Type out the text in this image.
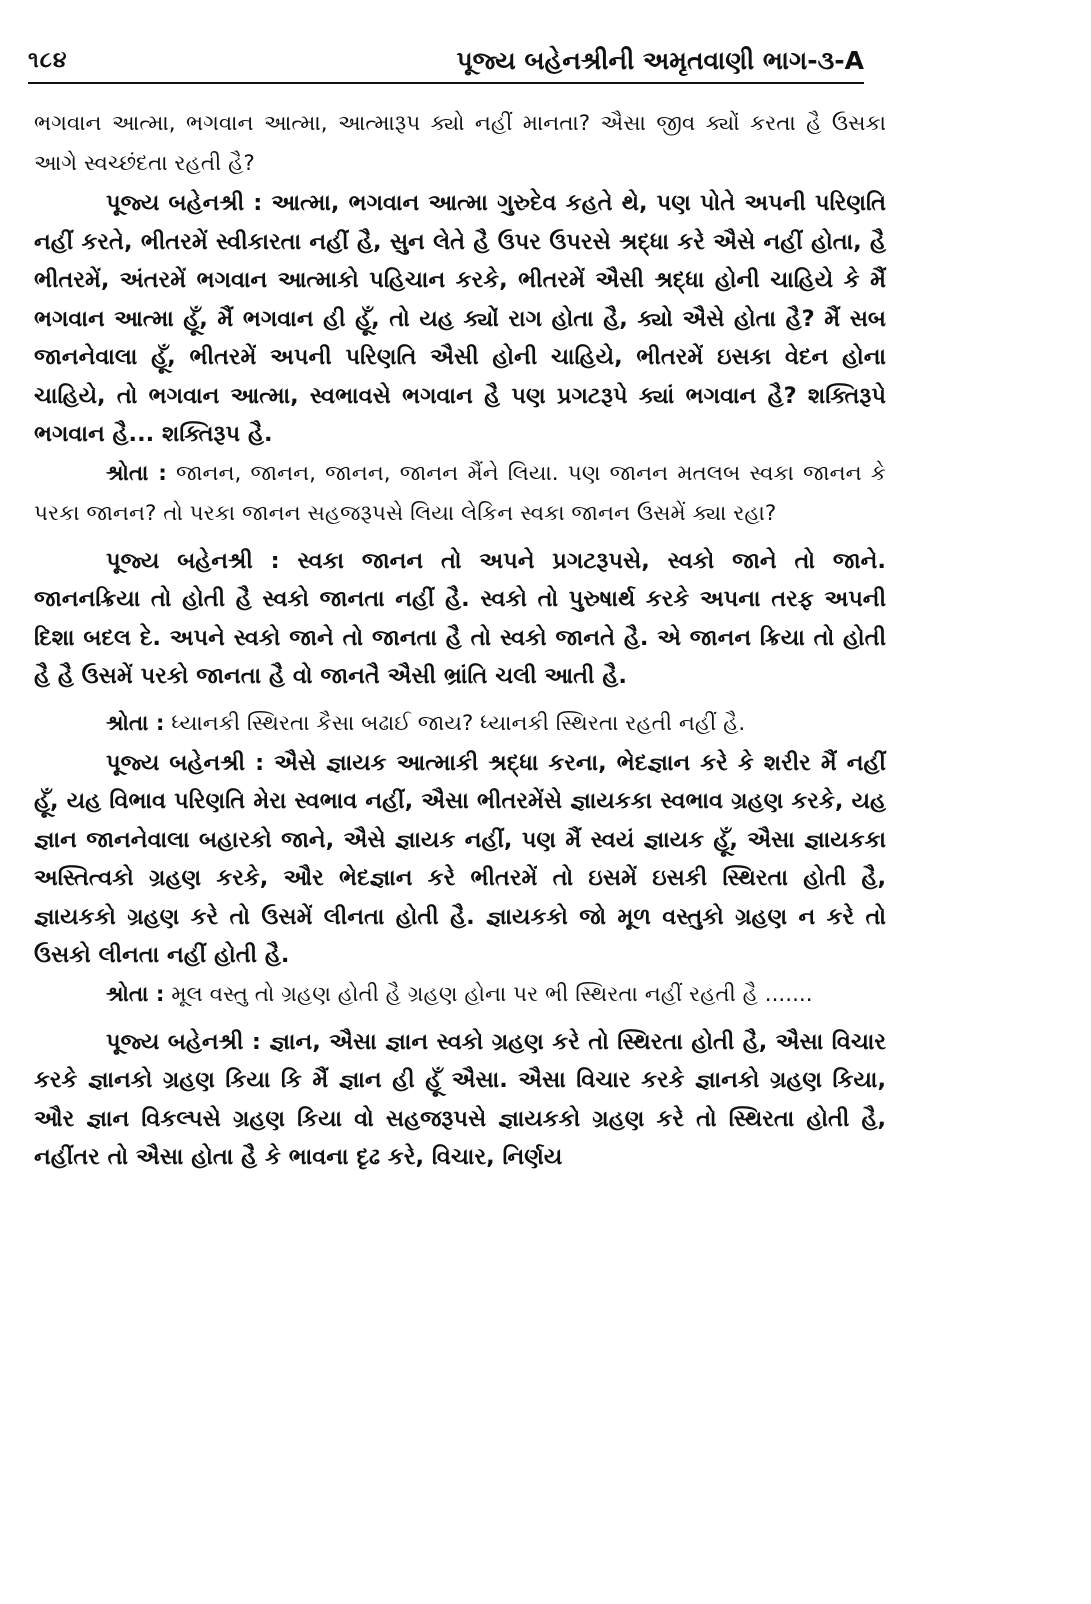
૧૮૪	પૂજ્ય બહેનશ્રીની અમૃતવાણી ભાગ-૩-A

ભગવાન આત્મા, ભગવાન આત્મા, આત્મારૂપ ક્યો નહીં માનતા? ઐસા જીવ ક્યોં કરતા હૈ ઉસકા આગે સ્વચ્છંદતા રહતી હૈ?

પૂજ્ય બહેનશ્રી : આત્મા, ભગવાન આત્મા ગુરુદેવ કહતે થે, પણ પોતે અપની પરિણતિ નહીં કરતે, ભીતરમેં સ્વીકારતા નહીં હૈ, સુન લેતે હૈ ઉપર ઉપરસે શ્રદ્ધા કરે ઐસે નહીં હોતા, હૈ ભીતરમેં, અંતરમેં ભગવાન આત્માકો પહિચાન કરકે, ભીતરમેં ઐસી શ્રદ્ધા હોની ચાહિયે કે મૈં ભગવાન આત્મા હૂઁ, મૈં ભગવાન હી હૂઁ, તો યહ ક્યોં રાગ હોતા હૈ, ક્યો ઐસે હોતા હૈ? મૈં સબ જાનનેવાલા હૂઁ, ભીતરમેં અપની પરિણતિ ઐસી હોની ચાહિયે, ભીતરમેં ઇસકા વેદન હોના ચાહિયે, તો ભગવાન આત્મા, સ્વભાવસે ભગવાન હૈ પણ પ્રગટરૂપે ક્યાં ભગવાન હૈ? શક્તિરૂપે ભગવાન હૈ... શક્તિરૂપ હૈ.

શ્રોતા : જાનન, જાનન, જાનન, જાનન મૈંને લિયા. પણ જાનન મતલબ સ્વકા જાનન કે પરકા જાનન? તો પરકા જાનન સહજરૂપસે લિયા લેકિન સ્વકા જાનન ઉસમેં ક્યા રહા?

પૂજ્ય બહેનશ્રી : સ્વકા જાનન તો અપને પ્રગટરૂપસે, સ્વકો જાને તો જાને. જાનનક્રિયા તો હોતી હૈ સ્વકો જાનતા નહીં હૈ. સ્વકો તો પુરુષાર્થ કરકે અપના તરફ અપની દિશા બદલ દે. અપને સ્વકો જાને તો જાનતા હૈ તો સ્વકો જાનતે હૈ. એ જાનન ક્રિયા તો હોતી હૈ હૈ ઉસમેં પરકો જાનતા હૈ વો જાનતૈ ઐસી ભ્રાંતિ ચલી આતી હૈ.

શ્રોતા : ધ્યાનકી સ્થિરતા કૈસા બઢાઈ જાય? ધ્યાનકી સ્થિરતા રહતી નહીં હૈ.

પૂજ્ય બહેનશ્રી : ઐસે જ્ઞાયક આત્માકી શ્રદ્ધા કરના, ભેદજ્ઞાન કરે કે શરીર મૈં નહીં હૂઁ, યહ વિભાવ પરિણતિ મેરા સ્વભાવ નહીં, ઐસા ભીતરમેંસે જ્ઞાયકકા સ્વભાવ ગ્રહણ કરકે, યહ જ્ઞાન જાનનેવાલા બહારકો જાને, ઐસે જ્ઞાયક નહીં, પણ મૈં સ્વયં જ્ઞાયક હૂઁ, ઐસા જ્ઞાયકકા અસ્તિત્વકો ગ્રહણ કરકે, ઔર ભેદજ્ઞાન કરે ભીતરમેં તો ઇસમેં ઇસકી સ્થિરતા હોતી હૈ, જ્ઞાયકકો ગ્રહણ કરે તો ઉસમેં લીનતા હોતી હૈ. જ્ઞાયકકો જો મૂળ વસ્તુકો ગ્રહણ ન કરે તો ઉસકો લીનતા નહીં હોતી હૈ.

શ્રોતા : મૂલ વસ્તુ તો ગ્રહણ હોતી હૈ ગ્રહણ હોના પર ભી સ્થિરતા નહીં રહતી હૈ .......

પૂજ્ય બહેનશ્રી : જ્ઞાન, ઐસા જ્ઞાન સ્વકો ગ્રહણ કરે તો સ્થિરતા હોતી હૈ, ઐસા વિચાર કરકે જ્ઞાનકો ગ્રહણ કિયા કિ મૈં જ્ઞાન હી હૂઁ ઐસા. ઐસા વિચાર કરકે જ્ઞાનકો ગ્રહણ કિયા, ઔર જ્ઞાન વિકલ્પસે ગ્રહણ કિયા વો સહજરૂપસે જ્ઞાયકકો ગ્રહણ કરે તો સ્થિરતા હોતી હૈ, નહીંતર તો ઐસા હોતા હૈ કે ભાવના દૃઢ કરે, વિચાર, નિર્ણય
